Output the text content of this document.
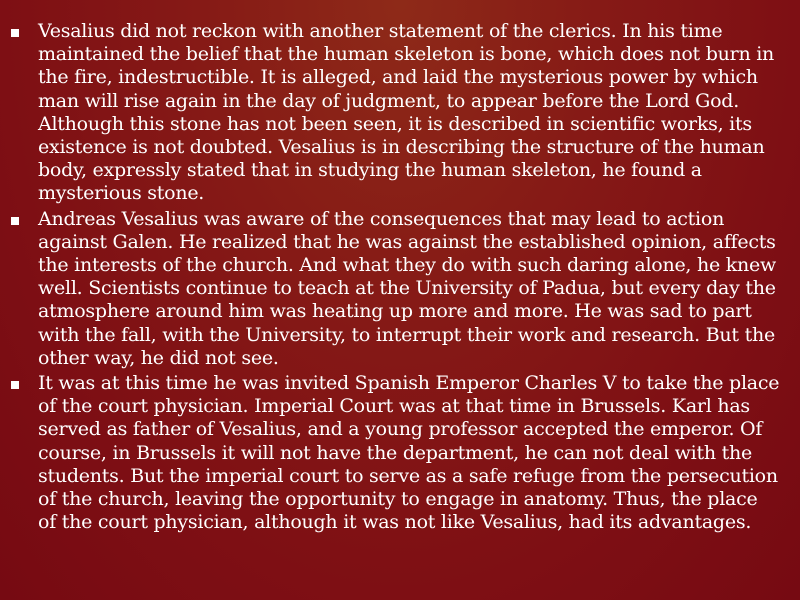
Vesalius did not reckon with another statement of the clerics. In his time
maintained the belief that the human skeleton is bone, which does not burn in
the fire, indestructible. It is alleged, and laid the mysterious power by which
man will rise again in the day of judgment, to appear before the Lord God.
Although this stone has not been seen, it is described in scientific works, its
existence is not doubted. Vesalius is in describing the structure of the human
body, expressly stated that in studying the human skeleton, he found a
mysterious stone.
Andreas Vesalius was aware of the consequences that may lead to action
against Galen. He realized that he was against the established opinion, affects
the interests of the church. And what they do with such daring alone, he knew
well. Scientists continue to teach at the University of Padua, but every day the
atmosphere around him was heating up more and more. He was sad to part
with the fall, with the University, to interrupt their work and research. But the
other way, he did not see.
It was at this time he was invited Spanish Emperor Charles V to take the place
of the court physician. Imperial Court was at that time in Brussels. Karl has
served as father of Vesalius, and a young professor accepted the emperor. Of
course, in Brussels it will not have the department, he can not deal with the
students. But the imperial court to serve as a safe refuge from the persecution
of the church, leaving the opportunity to engage in anatomy. Thus, the place
of the court physician, although it was not like Vesalius, had its advantages.
